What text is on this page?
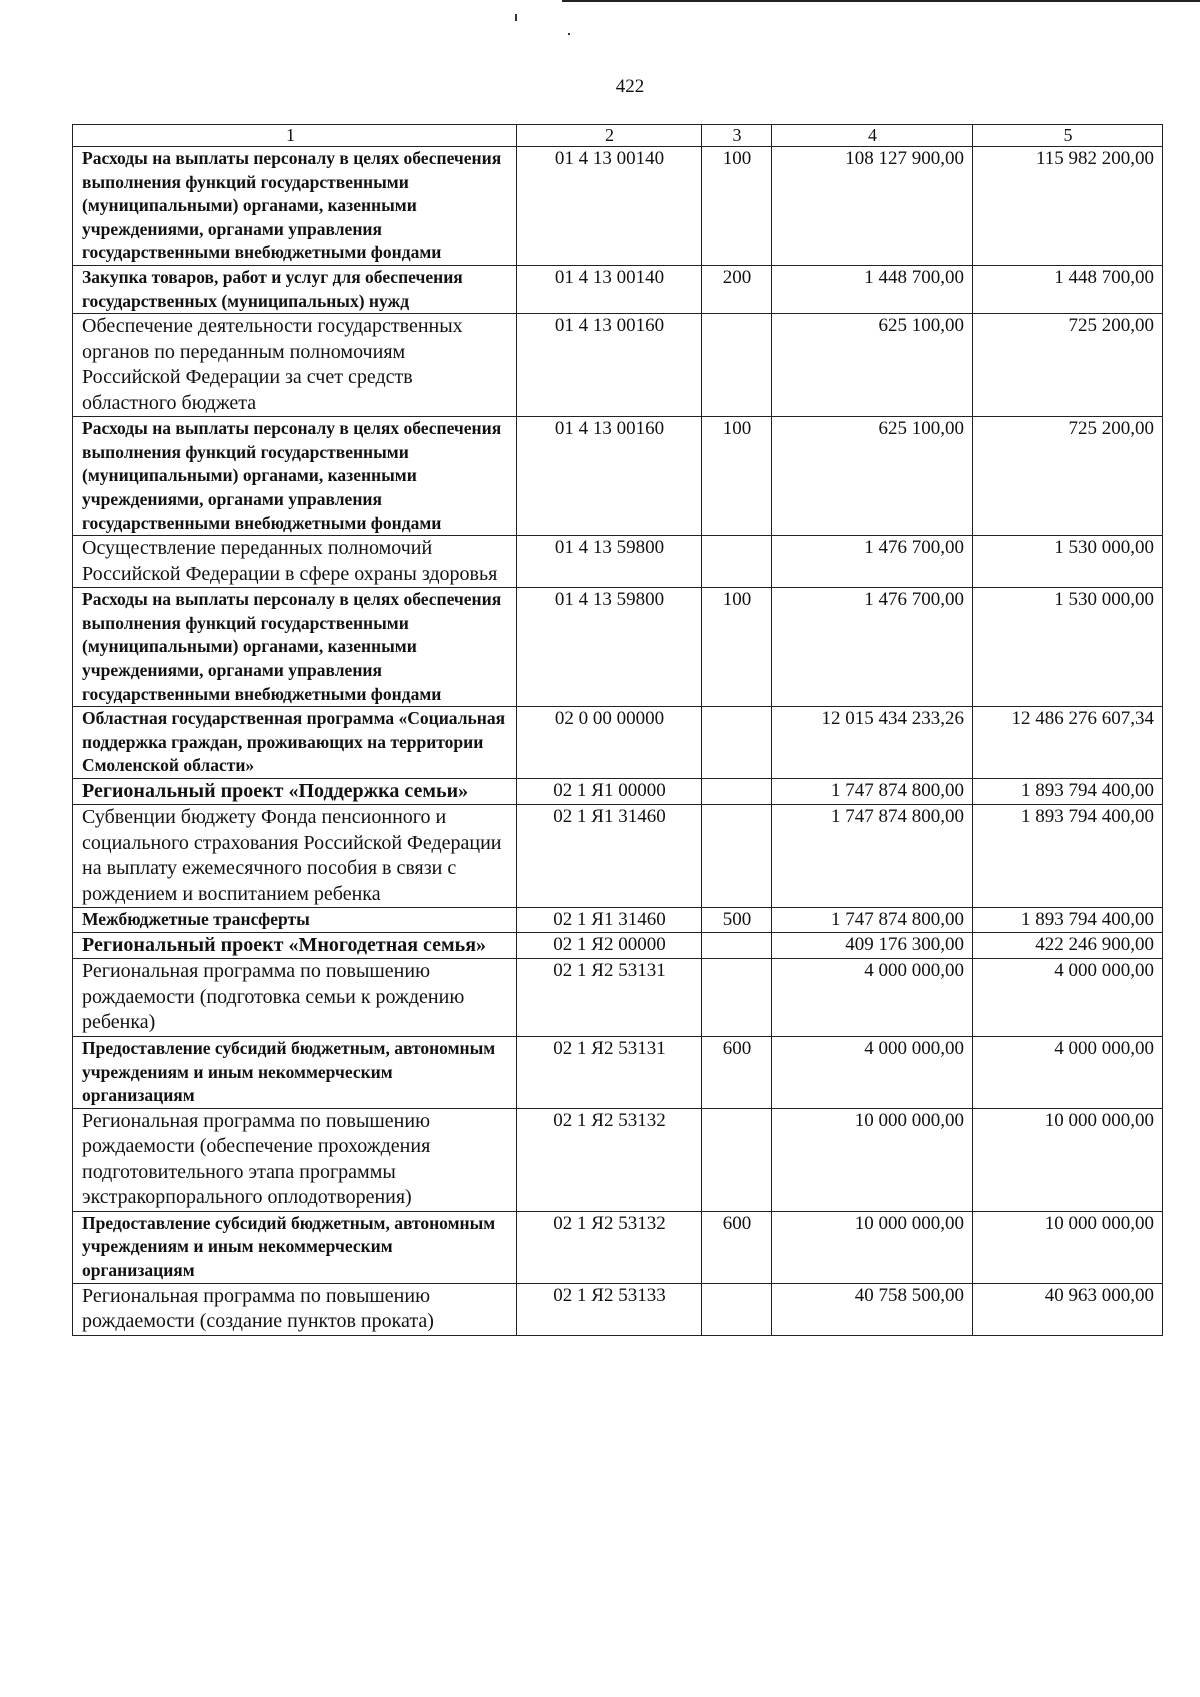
422
1	2	3	4	5
Расходы на выплаты персоналу в целях обеспечения выполнения функций государственными (муниципальными) органами, казенными учреждениями, органами управления государственными внебюджетными фондами	01 4 13 00140	100	108 127 900,00	115 982 200,00
Закупка товаров, работ и услуг для обеспечения государственных (муниципальных) нужд	01 4 13 00140	200	1 448 700,00	1 448 700,00
Обеспечение деятельности государственных органов по переданным полномочиям Российской Федерации за счет средств областного бюджета	01 4 13 00160		625 100,00	725 200,00
Расходы на выплаты персоналу в целях обеспечения выполнения функций государственными (муниципальными) органами, казенными учреждениями, органами управления государственными внебюджетными фондами	01 4 13 00160	100	625 100,00	725 200,00
Осуществление переданных полномочий Российской Федерации в сфере охраны здоровья	01 4 13 59800		1 476 700,00	1 530 000,00
Расходы на выплаты персоналу в целях обеспечения выполнения функций государственными (муниципальными) органами, казенными учреждениями, органами управления государственными внебюджетными фондами	01 4 13 59800	100	1 476 700,00	1 530 000,00
Областная государственная программа «Социальная поддержка граждан, проживающих на территории Смоленской области»	02 0 00 00000		12 015 434 233,26	12 486 276 607,34
Региональный проект «Поддержка семьи»	02 1 Я1 00000		1 747 874 800,00	1 893 794 400,00
Субвенции бюджету Фонда пенсионного и социального страхования Российской Федерации на выплату ежемесячного пособия в связи с рождением и воспитанием ребенка	02 1 Я1 31460		1 747 874 800,00	1 893 794 400,00
Межбюджетные трансферты	02 1 Я1 31460	500	1 747 874 800,00	1 893 794 400,00
Региональный проект «Многодетная семья»	02 1 Я2 00000		409 176 300,00	422 246 900,00
Региональная программа по повышению рождаемости (подготовка семьи к рождению ребенка)	02 1 Я2 53131		4 000 000,00	4 000 000,00
Предоставление субсидий бюджетным, автономным учреждениям и иным некоммерческим организациям	02 1 Я2 53131	600	4 000 000,00	4 000 000,00
Региональная программа по повышению рождаемости (обеспечение прохождения подготовительного этапа программы экстракорпорального оплодотворения)	02 1 Я2 53132		10 000 000,00	10 000 000,00
Предоставление субсидий бюджетным, автономным учреждениям и иным некоммерческим организациям	02 1 Я2 53132	600	10 000 000,00	10 000 000,00
Региональная программа по повышению рождаемости (создание пунктов проката)	02 1 Я2 53133		40 758 500,00	40 963 000,00
